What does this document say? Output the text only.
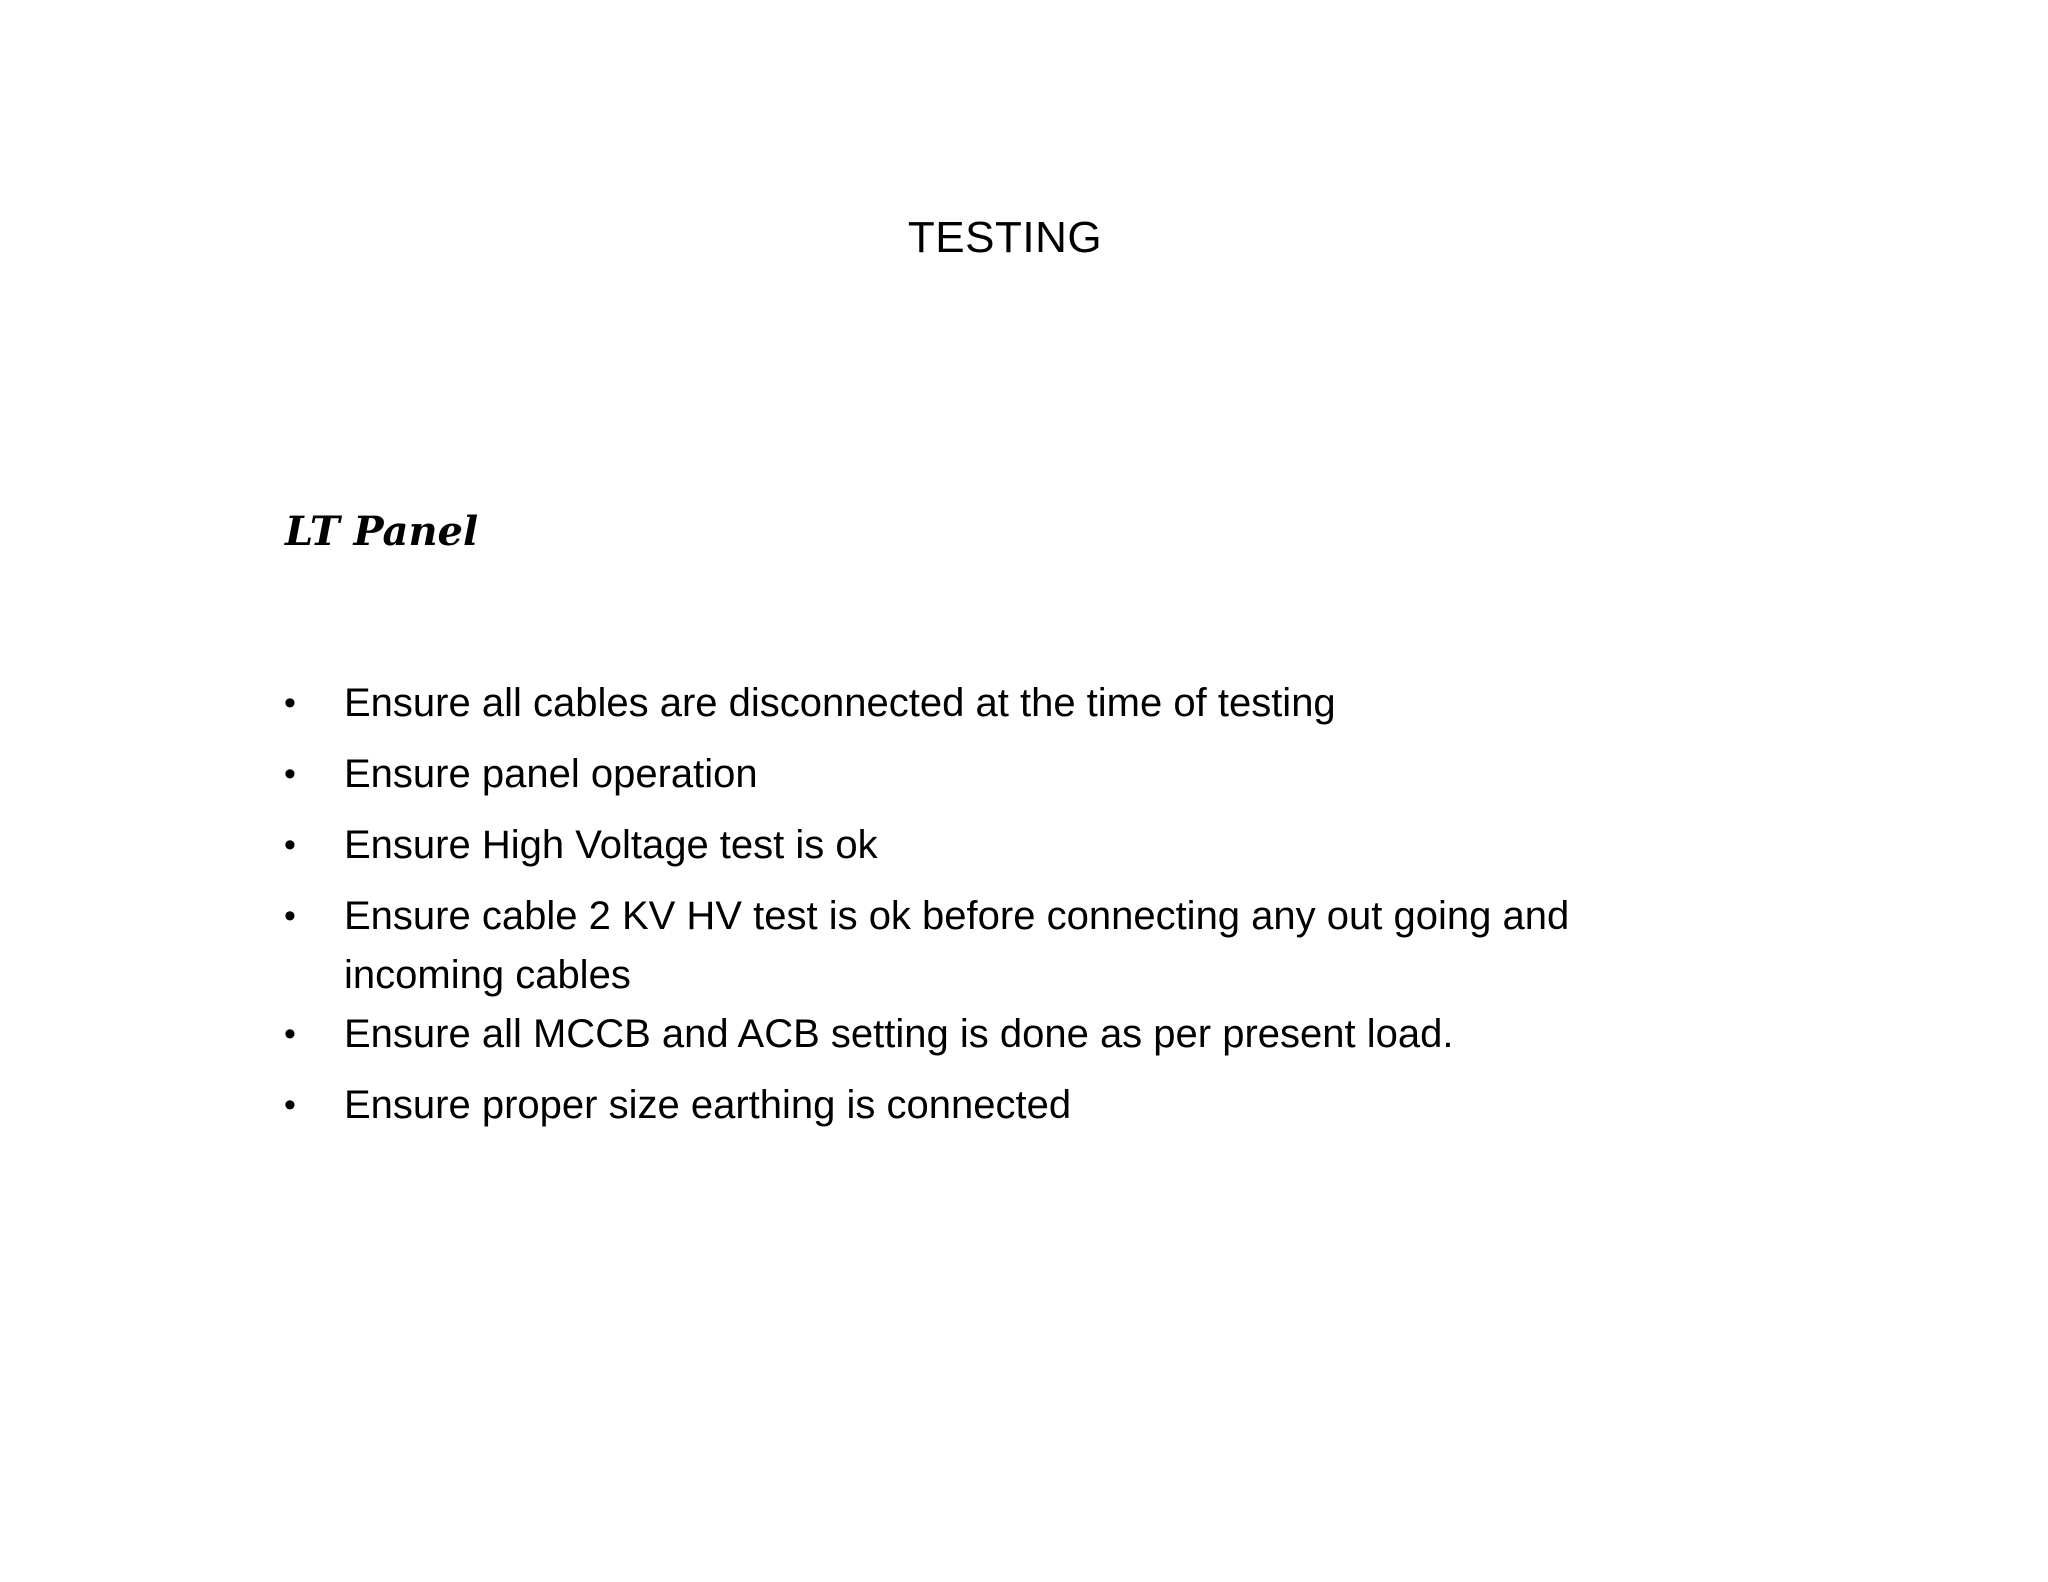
TESTING
LT Panel
• Ensure all cables are disconnected at the time of testing
• Ensure panel operation
• Ensure High Voltage test is ok
• Ensure cable 2 KV HV test is ok before connecting any out going and incoming cables
• Ensure all MCCB and ACB setting is done as per present load.
• Ensure proper size earthing is connected
